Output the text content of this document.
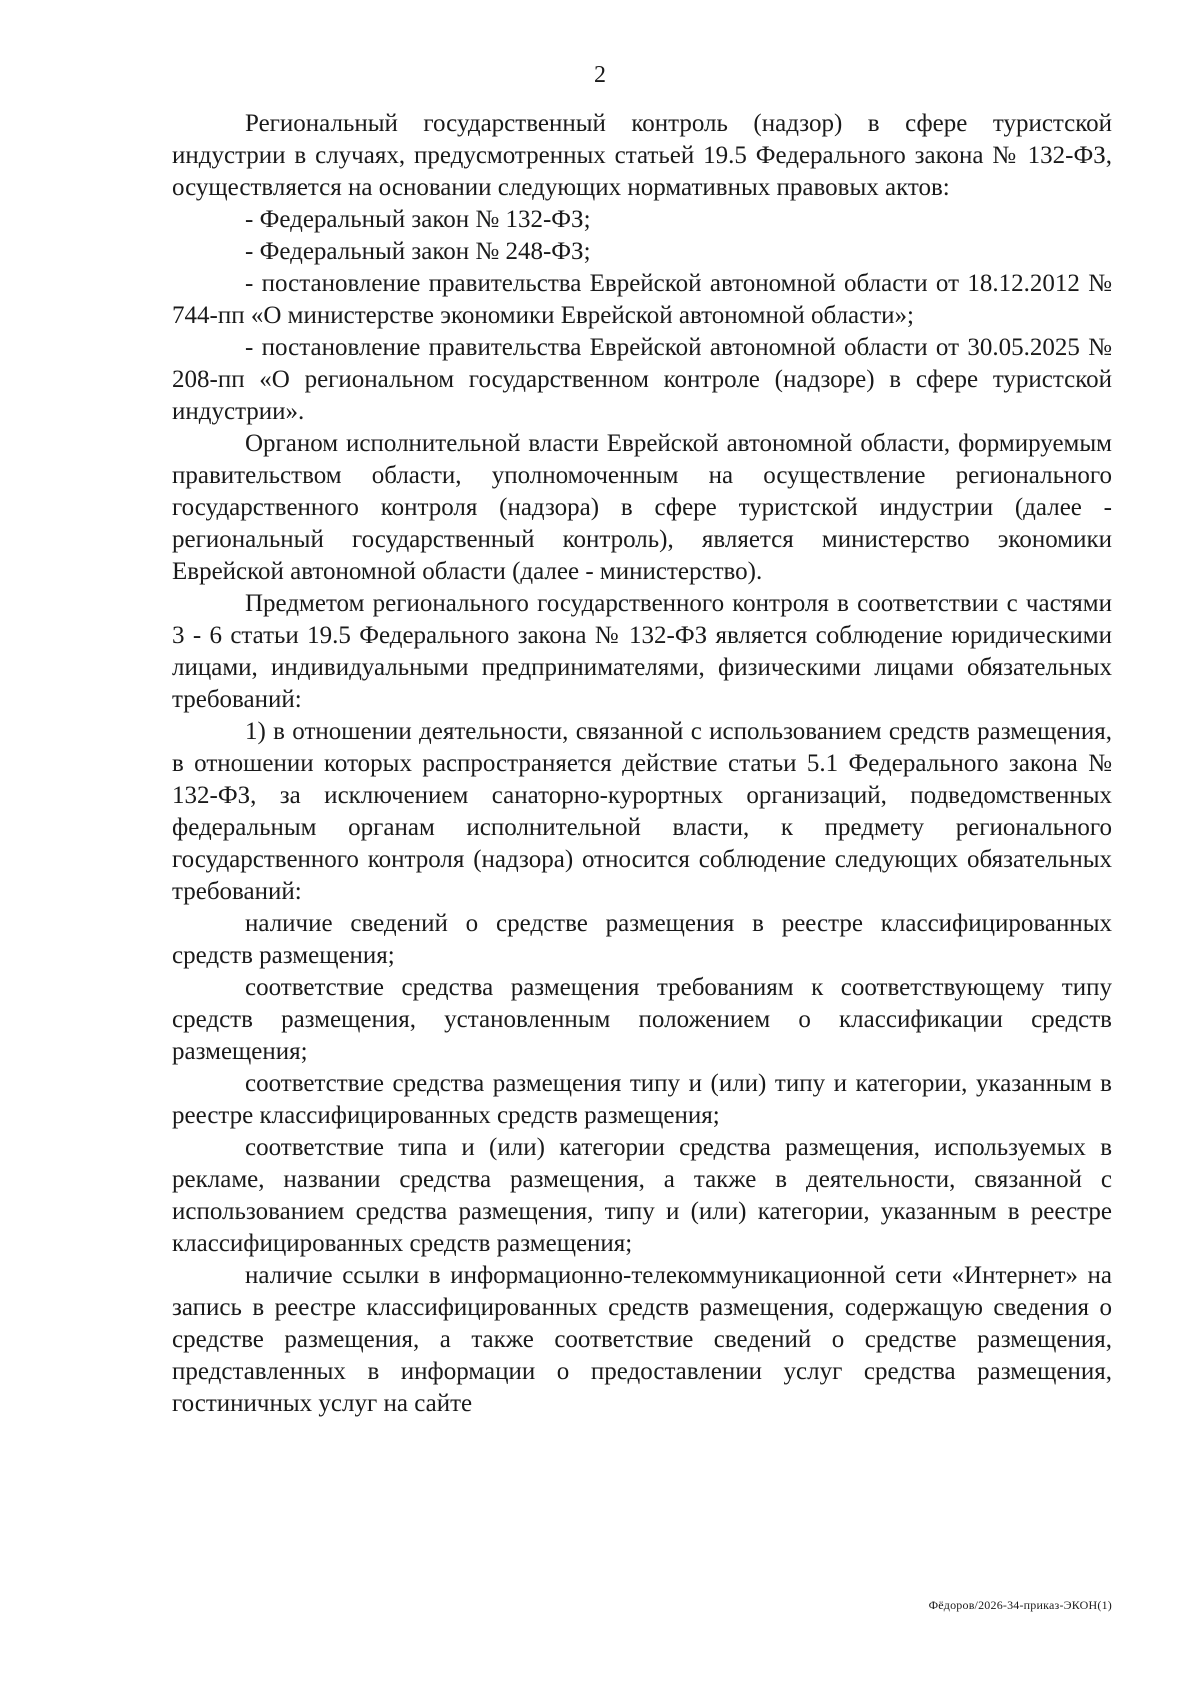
2

Региональный государственный контроль (надзор) в сфере туристской индустрии в случаях, предусмотренных статьей 19.5 Федерального закона № 132-ФЗ, осуществляется на основании следующих нормативных правовых актов:

- Федеральный закон № 132-ФЗ;

- Федеральный закон № 248-ФЗ;

- постановление правительства Еврейской автономной области от 18.12.2012 № 744-пп «О министерстве экономики Еврейской автономной области»;

- постановление правительства Еврейской автономной области от 30.05.2025 № 208-пп «О региональном государственном контроле (надзоре) в сфере туристской индустрии».

Органом исполнительной власти Еврейской автономной области, формируемым правительством области, уполномоченным на осуществление регионального государственного контроля (надзора) в сфере туристской индустрии (далее - региональный государственный контроль), является министерство экономики Еврейской автономной области (далее - министерство).

Предметом регионального государственного контроля в соответствии с частями 3 - 6 статьи 19.5 Федерального закона № 132-ФЗ является соблюдение юридическими лицами, индивидуальными предпринимателями, физическими лицами обязательных требований:

1) в отношении деятельности, связанной с использованием средств размещения, в отношении которых распространяется действие статьи 5.1 Федерального закона № 132-ФЗ, за исключением санаторно-курортных организаций, подведомственных федеральным органам исполнительной власти, к предмету регионального государственного контроля (надзора) относится соблюдение следующих обязательных требований:

наличие сведений о средстве размещения в реестре классифицированных средств размещения;

соответствие средства размещения требованиям к соответствующему типу средств размещения, установленным положением о классификации средств размещения;

соответствие средства размещения типу и (или) типу и категории, указанным в реестре классифицированных средств размещения;

соответствие типа и (или) категории средства размещения, используемых в рекламе, названии средства размещения, а также в деятельности, связанной с использованием средства размещения, типу и (или) категории, указанным в реестре классифицированных средств размещения;

наличие ссылки в информационно-телекоммуникационной сети «Интернет» на запись в реестре классифицированных средств размещения, содержащую сведения о средстве размещения, а также соответствие сведений о средстве размещения, представленных в информации о предоставлении услуг средства размещения, гостиничных услуг на сайте

Фёдоров/2026-34-приказ-ЭКОН(1)
